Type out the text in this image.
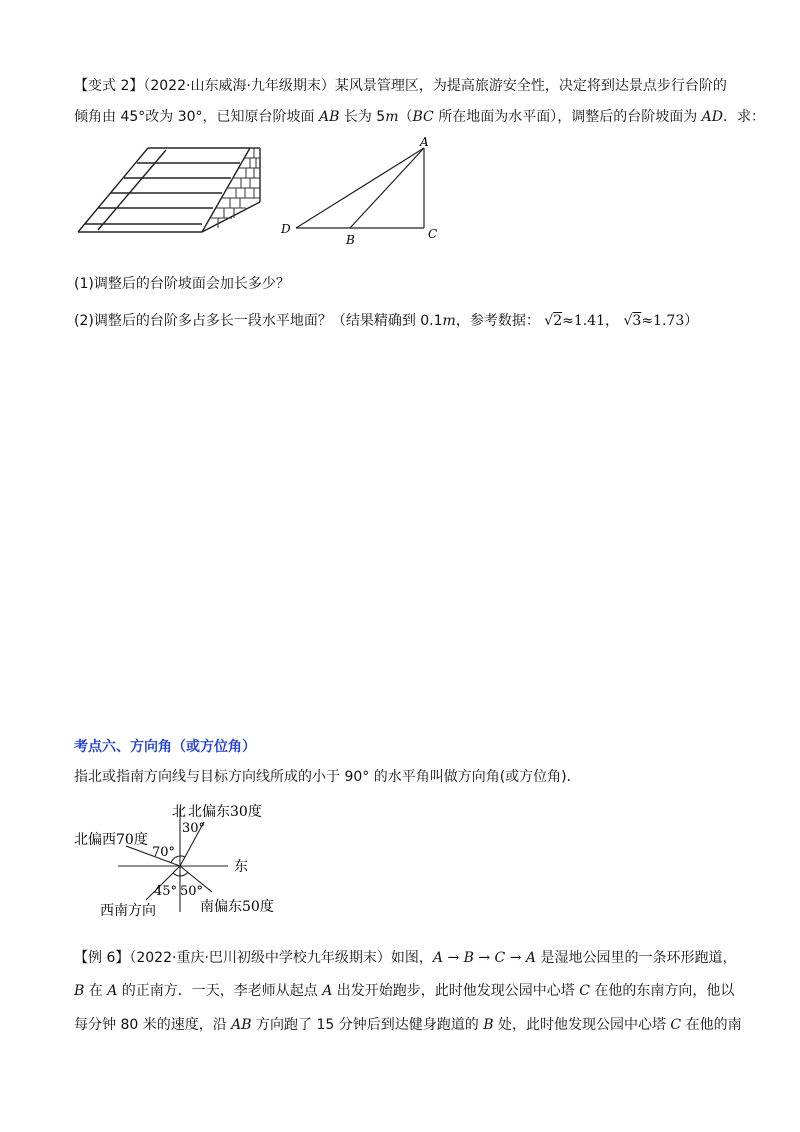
【变式 2】（2022·山东威海·九年级期末）某风景管理区，为提高旅游安全性，决定将到达景点步行台阶的

倾角由 45°改为 30°，已知原台阶坡面 AB 长为 5m（BC 所在地面为水平面），调整后的台阶坡面为 AD．求：

A
D
B	C

(1)调整后的台阶坡面会加长多少？

(2)调整后的台阶多占多长一段水平地面？（结果精确到 0.1m，参考数据： √2≈1.41， √3≈1.73）

考点六、方向角（或方位角）

指北或指南方向线与目标方向线所成的小于 90° 的水平角叫做方向角(或方位角)．

北 北偏东30度
30°
北偏西70度
70°
东
45° 50°
西南方向	南偏东50度

【例 6】（2022·重庆·巴川初级中学校九年级期末）如图，A → B → C → A 是湿地公园里的一条环形跑道，

B 在 A 的正南方．一天，李老师从起点 A 出发开始跑步，此时他发现公园中心塔 C 在他的东南方向，他以

每分钟 80 米的速度，沿 AB 方向跑了 15 分钟后到达健身跑道的 B 处，此时他发现公园中心塔 C 在他的南
